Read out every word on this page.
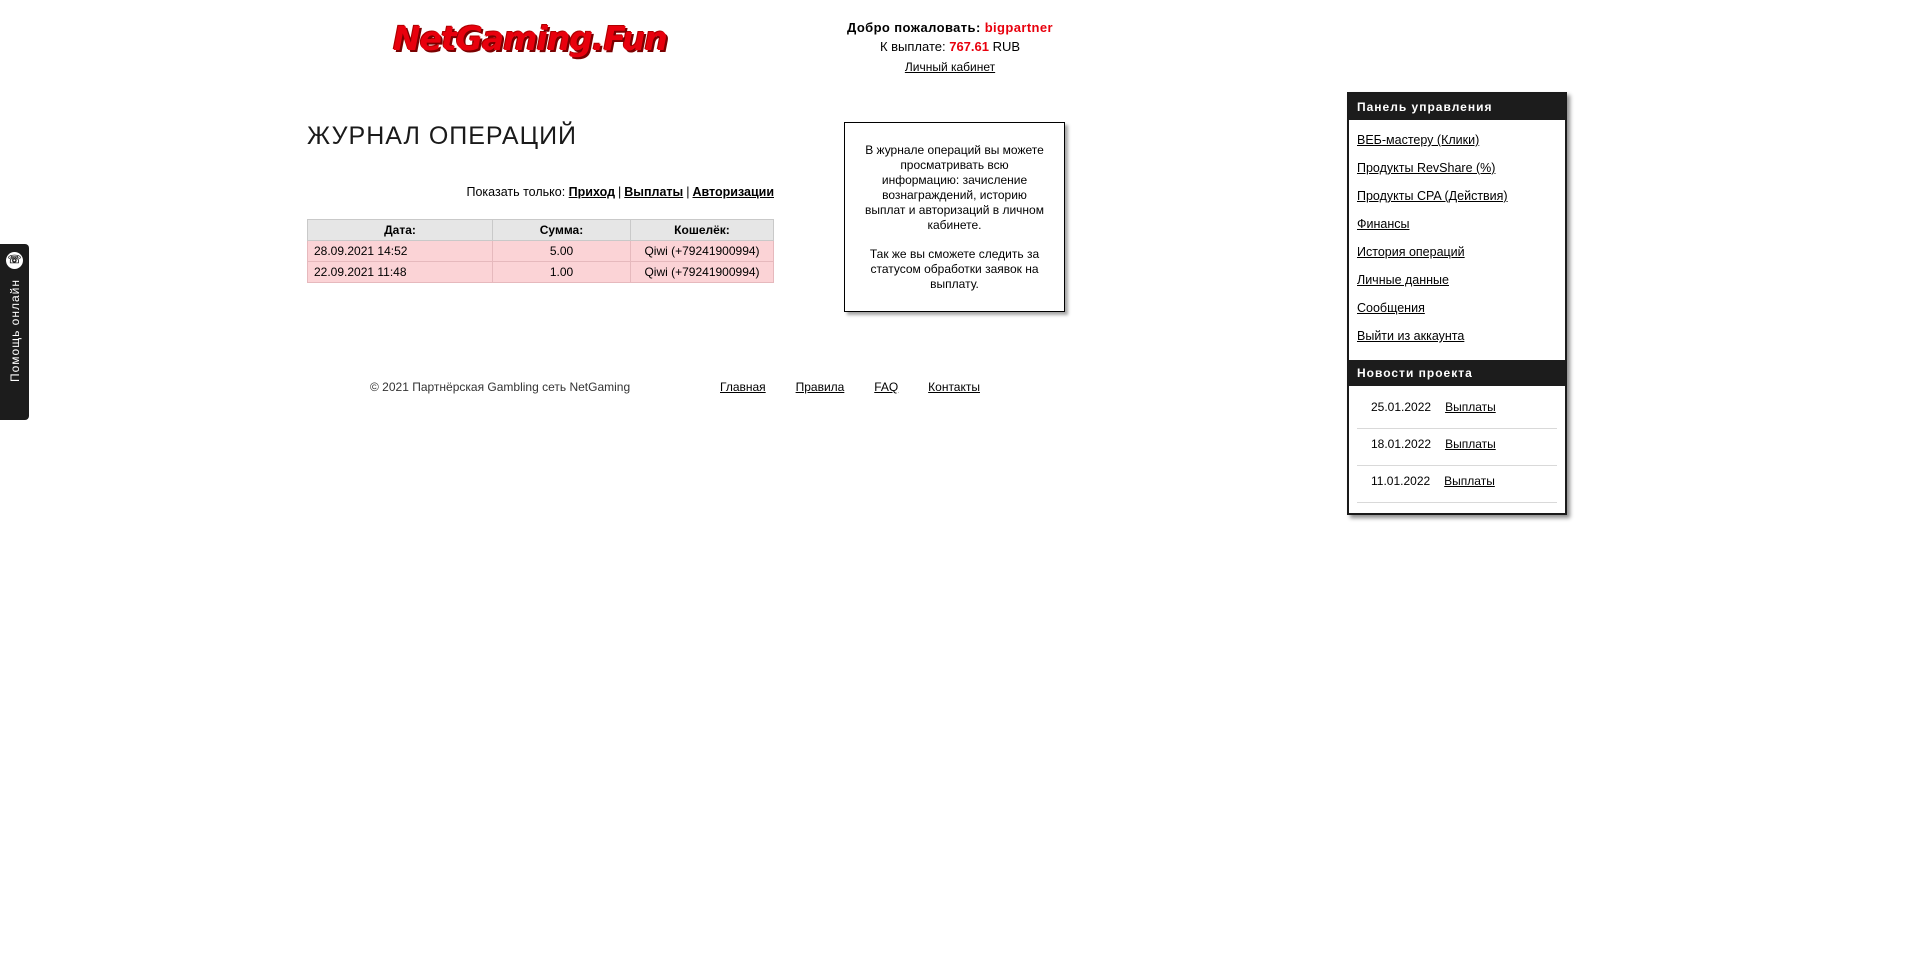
☏
Помощь онлайн
NetGaming.Fun	Добро пожаловать: bigpartner
К выплате: 767.61 RUB
Личный кабинет
ЖУРНАЛ ОПЕРАЦИЙ
Показать только: Приход | Выплаты | Авторизации
Дата:	Сумма:	Кошелёк:
28.09.2021 14:52	5.00	Qiwi (+79241900994)
22.09.2021 11:48	1.00	Qiwi (+79241900994)

В журнале операций вы можете просматривать всю информацию: зачисление вознаграждений, историю выплат и авторизаций в личном кабинете.

Так же вы сможете следить за статусом обработки заявок на выплату.

© 2021 Партнёрская Gambling сеть NetGaming	Главная Правила FAQ Контакты
Панель управления
ВЕБ-мастеру (Клики)
Продукты RevShare (%)
Продукты CPA (Действия)
Финансы
История операций
Личные данные
Сообщения
Выйти из аккаунта
Новости проекта
25.01.2022 Выплаты
18.01.2022 Выплаты
11.01.2022 Выплаты
